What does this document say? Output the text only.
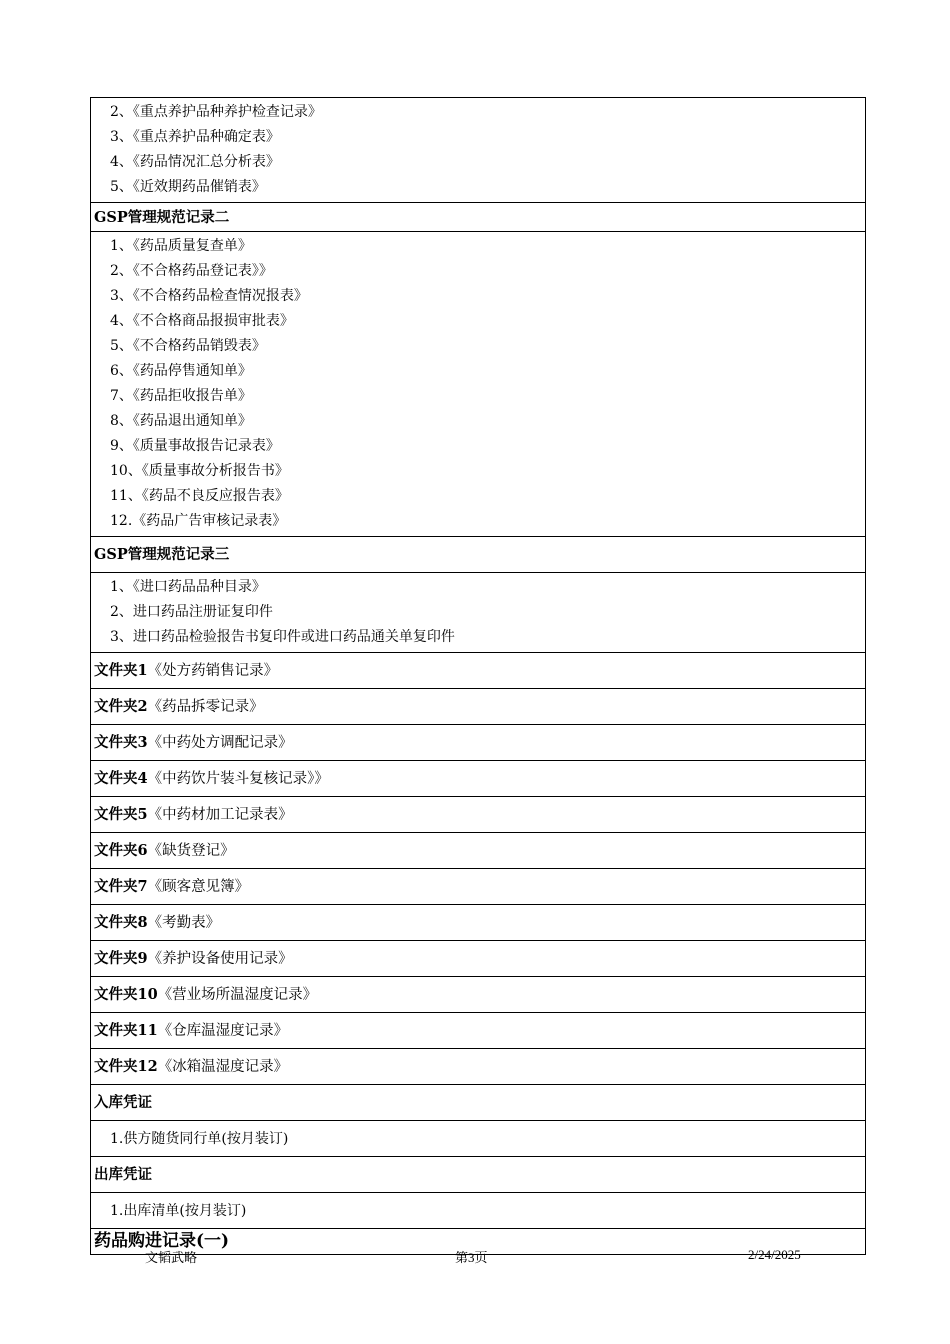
2、《重点养护品种养护检查记录》
3、《重点养护品种确定表》
4、《药品情况汇总分析表》
5、《近效期药品催销表》
GSP管理规范记录二
1、《药品质量复查单》
2、《不合格药品登记表》》
3、《不合格药品检查情况报表》
4、《不合格商品报损审批表》
5、《不合格药品销毁表》
6、《药品停售通知单》
7、《药品拒收报告单》
8、《药品退出通知单》
9、《质量事故报告记录表》
10、《质量事故分析报告书》
11、《药品不良反应报告表》
12.《药品广告审核记录表》
GSP管理规范记录三
1、《进口药品品种目录》
2、进口药品注册证复印件
3、进口药品检验报告书复印件或进口药品通关单复印件
文件夹1《处方药销售记录》
文件夹2《药品拆零记录》
文件夹3《中药处方调配记录》
文件夹4《中药饮片装斗复核记录》》
文件夹5《中药材加工记录表》
文件夹6《缺货登记》
文件夹7《顾客意见簿》
文件夹8《考勤表》
文件夹9《养护设备使用记录》
文件夹10《营业场所温湿度记录》
文件夹11《仓库温湿度记录》
文件夹12《冰箱温湿度记录》
入库凭证
1.供方随货同行单(按月装订)
出库凭证
1.出库清单(按月装订)
药品购进记录(一)
文韬武略	第3页	2/24/2025
